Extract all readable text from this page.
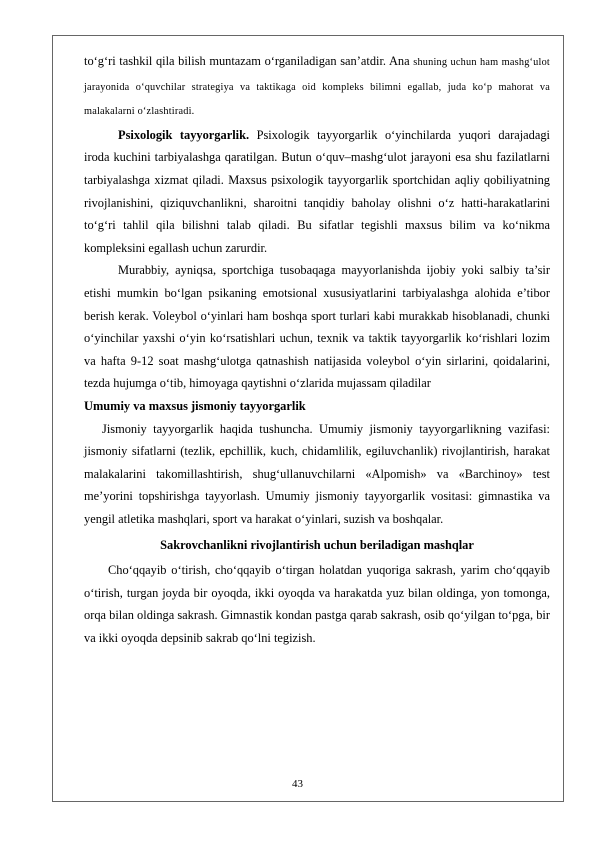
to‘g‘ri tashkil qila bilish muntazam o‘rganiladigan san’atdir. Ana shuning uchun ham mashg‘ulot jarayonida o‘quvchilar strategiya va taktikaga oid kompleks bilimni egallab, juda ko‘p mahorat va malakalarni o‘zlashtiradi.

Psixologik tayyorgarlik. Psixologik tayyorgarlik o‘yinchilarda yuqori darajadagi iroda kuchini tarbiyalashga qaratilgan. Butun o‘quv–mashg‘ulot jarayoni esa shu fazilatlarni tarbiyalashga xizmat qiladi. Maxsus psixologik tayyorgarlik sportchidan aqliy qobiliyatning rivojlanishini, qiziquvchanlikni, sharoitni tanqidiy baholay olishni o‘z hatti-harakatlarini to‘g‘ri tahlil qila bilishni talab qiladi. Bu sifatlar tegishli maxsus bilim va ko‘nikma kompleksini egallash uchun zarurdir.

Murabbiy, ayniqsa, sportchiga tusobaqaga mayyorlanishda ijobiy yoki salbiy ta’sir etishi mumkin bo‘lgan psikaning emotsional xususiyatlarini tarbiyalashga alohida e’tibor berish kerak. Voleybol o‘yinlari ham boshqa sport turlari kabi murakkab hisoblanadi, chunki o‘yinchilar yaxshi o‘yin ko‘rsatishlari uchun, texnik va taktik tayyorgarlik ko‘rishlari lozim va hafta 9-12 soat mashg‘ulotga qatnashish natijasida voleybol o‘yin sirlarini, qoidalarini, tezda hujumga o‘tib, himoyaga qaytishni o‘zlarida mujassam qiladilar

Umumiy va maxsus jismoniy tayyorgarlik

Jismoniy tayyorgarlik haqida tushuncha. Umumiy jismoniy tayyorgarlikning vazifasi: jismoniy sifatlarni (tezlik, epchillik, kuch, chidamlilik, egiluvchanlik) rivojlantirish, harakat malakalarini takomillashtirish, shug‘ullanuvchilarni «Alpomish» va «Barchinoy» test me’yorini topshirishga tayyorlash. Umumiy jismoniy tayyorgarlik vositasi: gimnastika va yengil atletika mashqlari, sport va harakat o‘yinlari, suzish va boshqalar.

Sakrovchanlikni rivojlantirish uchun beriladigan mashqlar

Cho‘qqayib o‘tirish, cho‘qqayib o‘tirgan holatdan yuqoriga sakrash, yarim cho‘qqayib o‘tirish, turgan joyda bir oyoqda, ikki oyoqda va harakatda yuz bilan oldinga, yon tomonga, orqa bilan oldinga sakrash. Gimnastik kondan pastga qarab sakrash, osib qo‘yilgan to‘pga, bir va ikki oyoqda depsinib sakrab qo‘lni tegizish.

43
